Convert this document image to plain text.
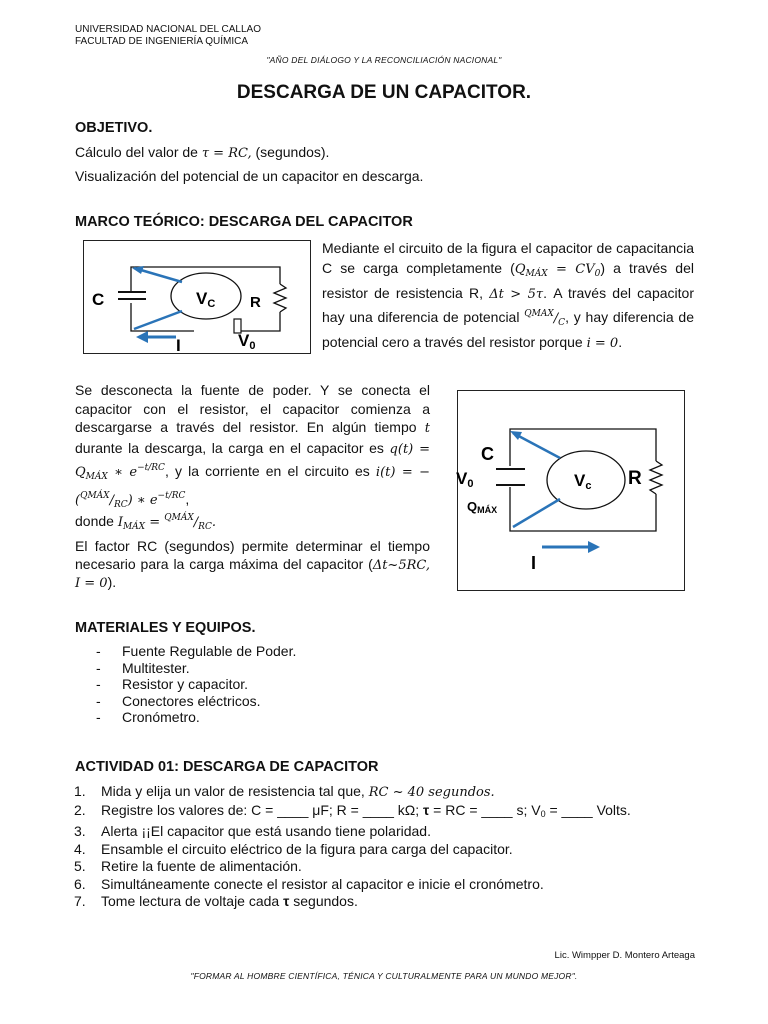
UNIVERSIDAD NACIONAL DEL CALLAO
FACULTAD DE INGENIERÍA QUÍMICA
"AÑO DEL DIÁLOGO Y LA RECONCILIACIÓN NACIONAL"
DESCARGA DE UN CAPACITOR.
OBJETIVO.
Cálculo del valor de τ = RC, (segundos).
Visualización del potencial de un capacitor en descarga.
MARCO TEÓRICO: DESCARGA DEL CAPACITOR
C	VC R
I	V0
Mediante el circuito de la figura el capacitor de capacitancia C se carga completamente $(Q_{MÁX} = CV_0)$ a través del resistor de resistencia R, Δt > 5τ. A través del capacitor hay una diferencia de potencial $^{QMAX}/_C$, y hay diferencia de potencial cero a través del resistor porque i = 0.
Se desconecta la fuente de poder. Y se conecta el capacitor con el resistor, el capacitor comienza a descargarse a través del resistor. En algún tiempo t durante la descarga, la carga en el capacitor es $q(t) = Q_{MÁX}$ ∗ $e^{-t/RC}$, y la corriente en el circuito es $i(t) = -(^{QMÁX}/_{RC})$ ∗ $e^{-t/RC}$,
donde $I_{MÁX} = ^{QMÁX}/_{RC}$.
El factor RC (segundos) permite determinar el tiempo necesario para la carga máxima del capacitor (Δt~5RC, I = 0).
C
V0
QMÁX
Vc R
I
MATERIALES Y EQUIPOS.
- Fuente Regulable de Poder.
- Multitester.
- Resistor y capacitor.
- Conectores eléctricos.
- Cronómetro.
ACTIVIDAD 01: DESCARGA DE CAPACITOR
1. Mida y elija un valor de resistencia tal que, RC ~ 40 segundos.
2. Registre los valores de: C = ____ μF; R = ____ kΩ; τ = RC = ____ s; V0 = ____ Volts.
3. Alerta ¡¡El capacitor que está usando tiene polaridad.
4. Ensamble el circuito eléctrico de la figura para carga del capacitor.
5. Retire la fuente de alimentación.
6. Simultáneamente conecte el resistor al capacitor e inicie el cronómetro.
7. Tome lectura de voltaje cada τ segundos.
Lic. Wimpper D. Montero Arteaga
"FORMAR AL HOMBRE CIENTÍFICA, TÉNICA Y CULTURALMENTE PARA UN MUNDO MEJOR".
